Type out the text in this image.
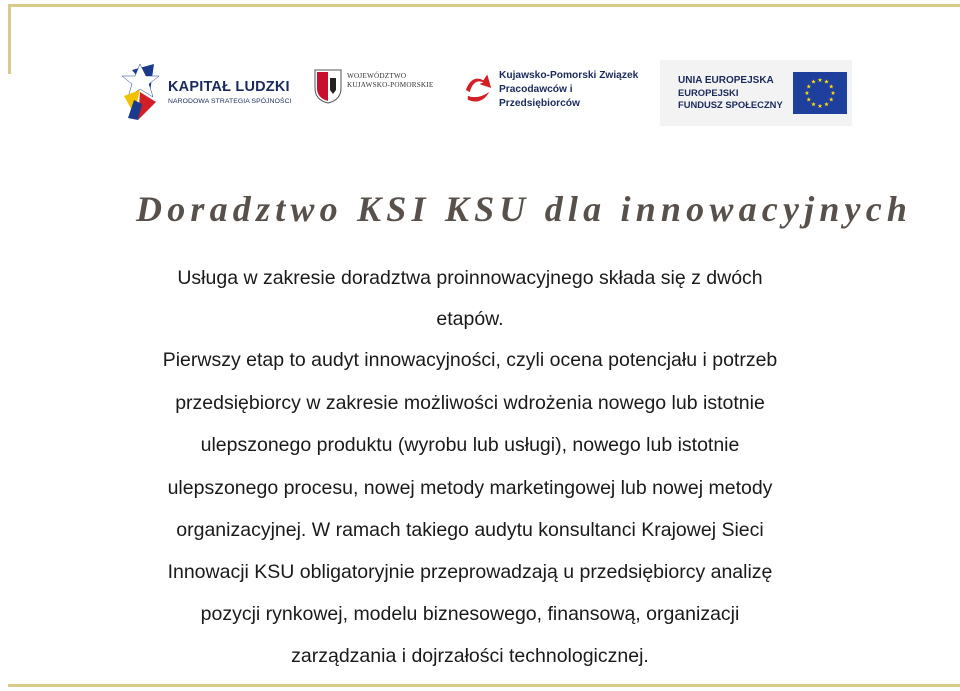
KAPITAŁ LUDZKI
NARODOWA STRATEGIA SPÓJNOŚCI
WOJEWÓDZTWO
KUJAWSKO-POMORSKIE
Kujawsko-Pomorski Związek
Pracodawców i Przedsiębiorców
UNIA EUROPEJSKA
EUROPEJSKI
FUNDUSZ SPOŁECZNY
Doradztwo KSI KSU dla innowacyjnych
Usługa w zakresie doradztwa proinnowacyjnego składa się z dwóch
etapów.
Pierwszy etap to audyt innowacyjności, czyli ocena potencjału i potrzeb
przedsiębiorcy w zakresie możliwości wdrożenia nowego lub istotnie
ulepszonego produktu (wyrobu lub usługi), nowego lub istotnie
ulepszonego procesu, nowej metody marketingowej lub nowej metody
organizacyjnej. W ramach takiego audytu konsultanci Krajowej Sieci
Innowacji KSU obligatoryjnie przeprowadzają u przedsiębiorcy analizę
pozycji rynkowej, modelu biznesowego, finansową, organizacji
zarządzania i dojrzałości technologicznej.
